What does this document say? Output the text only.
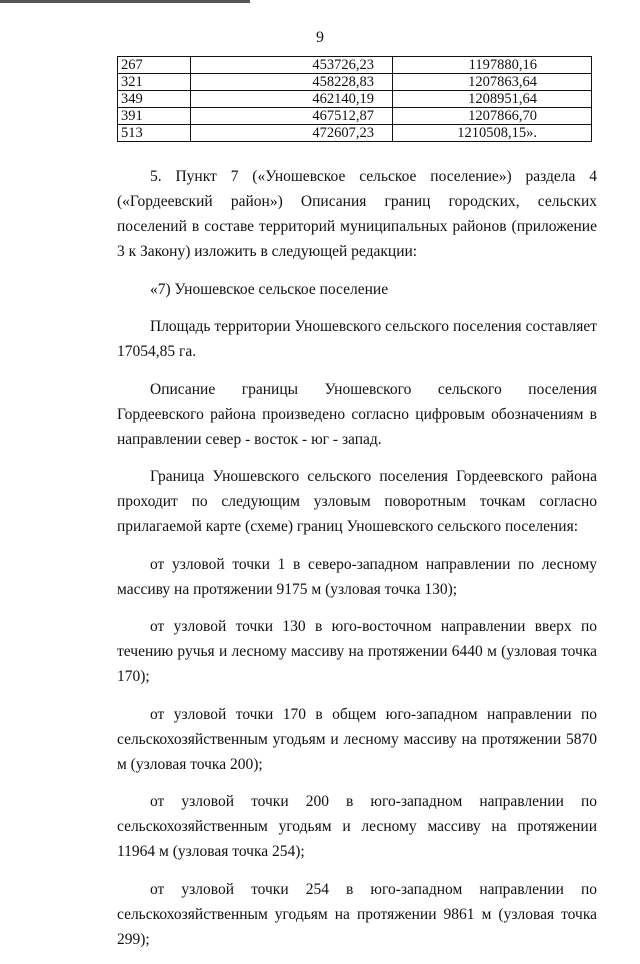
9
267	453726,23	1197880,16
321	458228,83	1207863,64
349	462140,19	1208951,64
391	467512,87	1207866,70
513	472607,23	1210508,15».

5. Пункт 7 («Уношевское сельское поселение») раздела 4 («Гордеевский район») Описания границ городских, сельских поселений в составе территорий муниципальных районов (приложение 3 к Закону) изложить в следующей редакции:

«7) Уношевское сельское поселение

Площадь территории Уношевского сельского поселения составляет 17054,85 га.

Описание границы Уношевского сельского поселения Гордеевского района произведено согласно цифровым обозначениям в направлении север - восток - юг - запад.

Граница Уношевского сельского поселения Гордеевского района проходит по следующим узловым поворотным точкам согласно прилагаемой карте (схеме) границ Уношевского сельского поселения:

от узловой точки 1 в северо-западном направлении по лесному массиву на протяжении 9175 м (узловая точка 130);

от узловой точки 130 в юго-восточном направлении вверх по течению ручья и лесному массиву на протяжении 6440 м (узловая точка 170);

от узловой точки 170 в общем юго-западном направлении по сельскохозяйственным угодьям и лесному массиву на протяжении 5870 м (узловая точка 200);

от узловой точки 200 в юго-западном направлении по сельскохозяйственным угодьям и лесному массиву на протяжении 11964 м (узловая точка 254);

от узловой точки 254 в юго-западном направлении по сельскохозяйственным угодьям на протяжении 9861 м (узловая точка 299);
